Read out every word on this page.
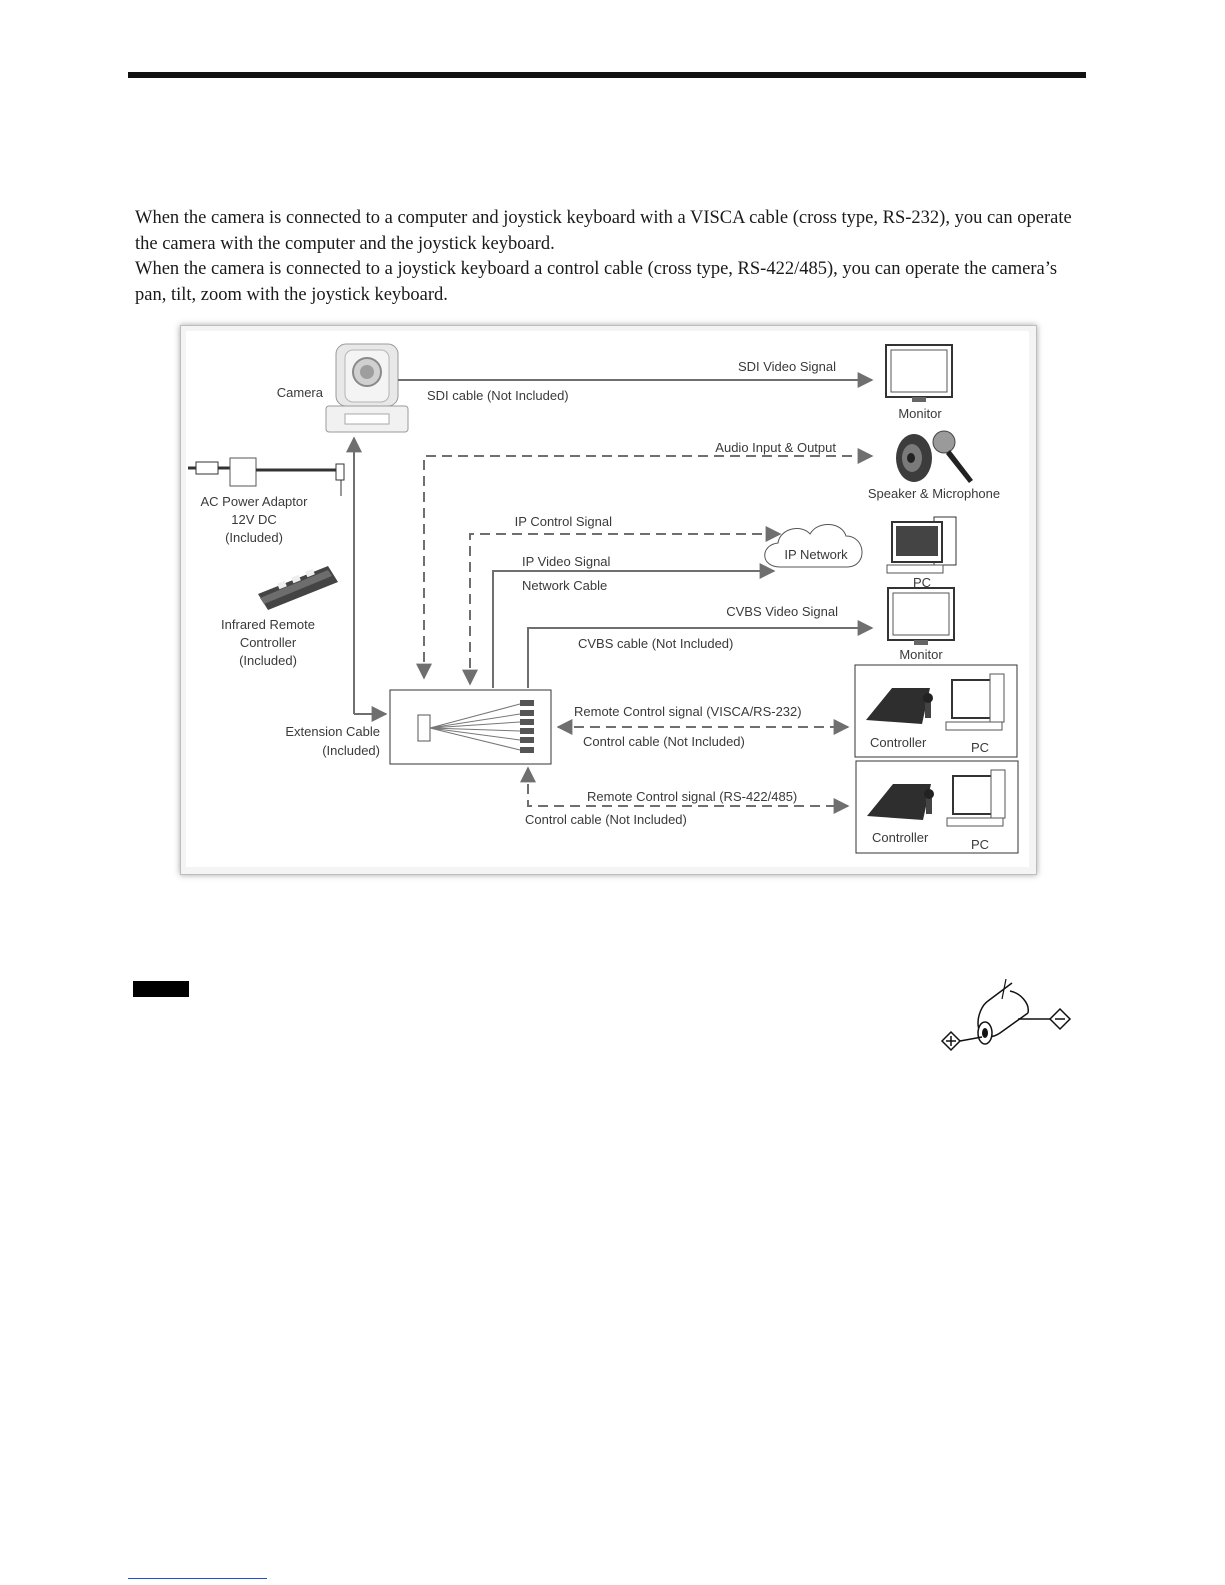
When the camera is connected to a computer and joystick keyboard with a VISCA cable (cross type, RS-232), you can operate the camera with the computer and the joystick keyboard.

When the camera is connected to a joystick keyboard a control cable (cross type, RS-422/485), you can operate the camera’s pan, tilt, zoom with the joystick keyboard.

Camera	SDI cable (Not Included)
SDI Video Signal
Monitor
Audio Input & Output
Speaker & Microphone
AC Power Adaptor
12V DC
(Included)
IP Control Signal
IP Network
PC
IP Video Signal
Network Cable
Infrared Remote
Controller
(Included)
CVBS Video Signal
CVBS cable (Not Included)
Monitor
Extension Cable
(Included)
Remote Control signal (VISCA/RS-232)
Control cable (Not Included)	Controller	PC
Remote Control signal (RS-422/485)
Control cable (Not Included)
Controller	PC
